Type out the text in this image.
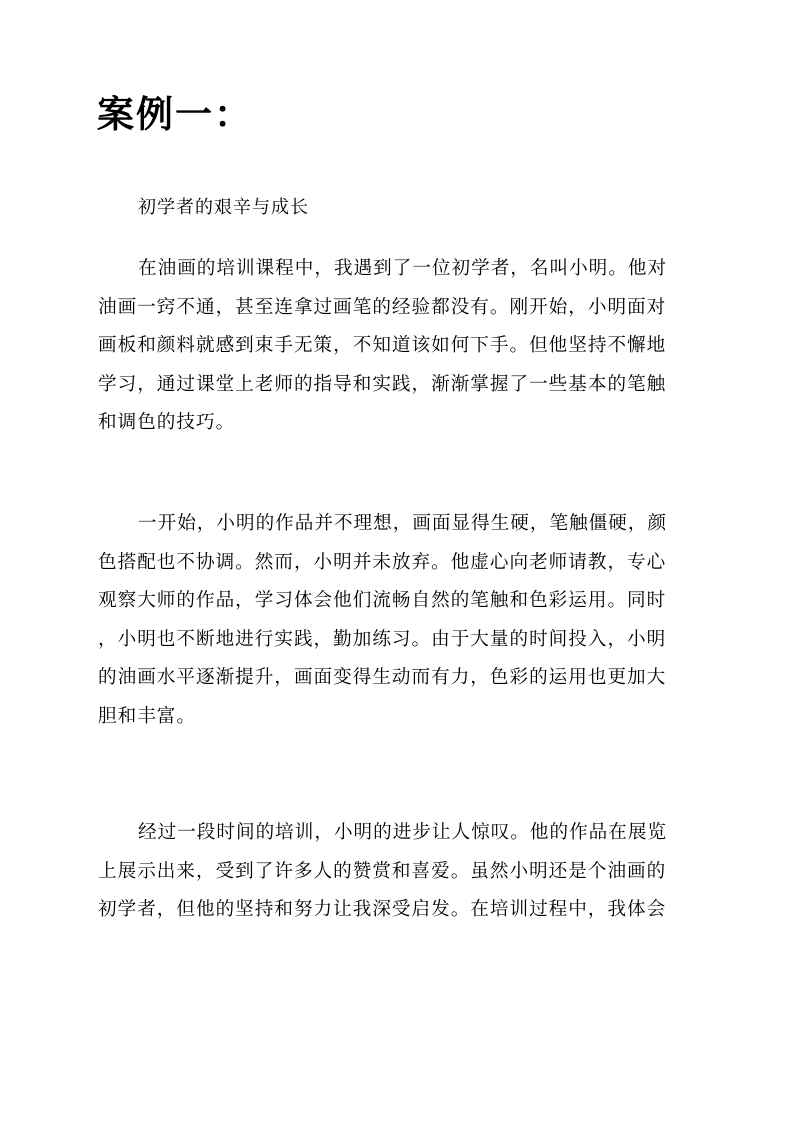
案例一：

初学者的艰辛与成长

在油画的培训课程中，我遇到了一位初学者，名叫小明。他对
油画一窍不通，甚至连拿过画笔的经验都没有。刚开始，小明面对
画板和颜料就感到束手无策，不知道该如何下手。但他坚持不懈地
学习，通过课堂上老师的指导和实践，渐渐掌握了一些基本的笔触
和调色的技巧。

一开始，小明的作品并不理想，画面显得生硬，笔触僵硬，颜
色搭配也不协调。然而，小明并未放弃。他虚心向老师请教，专心
观察大师的作品，学习体会他们流畅自然的笔触和色彩运用。同时
，小明也不断地进行实践，勤加练习。由于大量的时间投入，小明
的油画水平逐渐提升，画面变得生动而有力，色彩的运用也更加大
胆和丰富。

经过一段时间的培训，小明的进步让人惊叹。他的作品在展览
上展示出来，受到了许多人的赞赏和喜爱。虽然小明还是个油画的
初学者，但他的坚持和努力让我深受启发。在培训过程中，我体会
